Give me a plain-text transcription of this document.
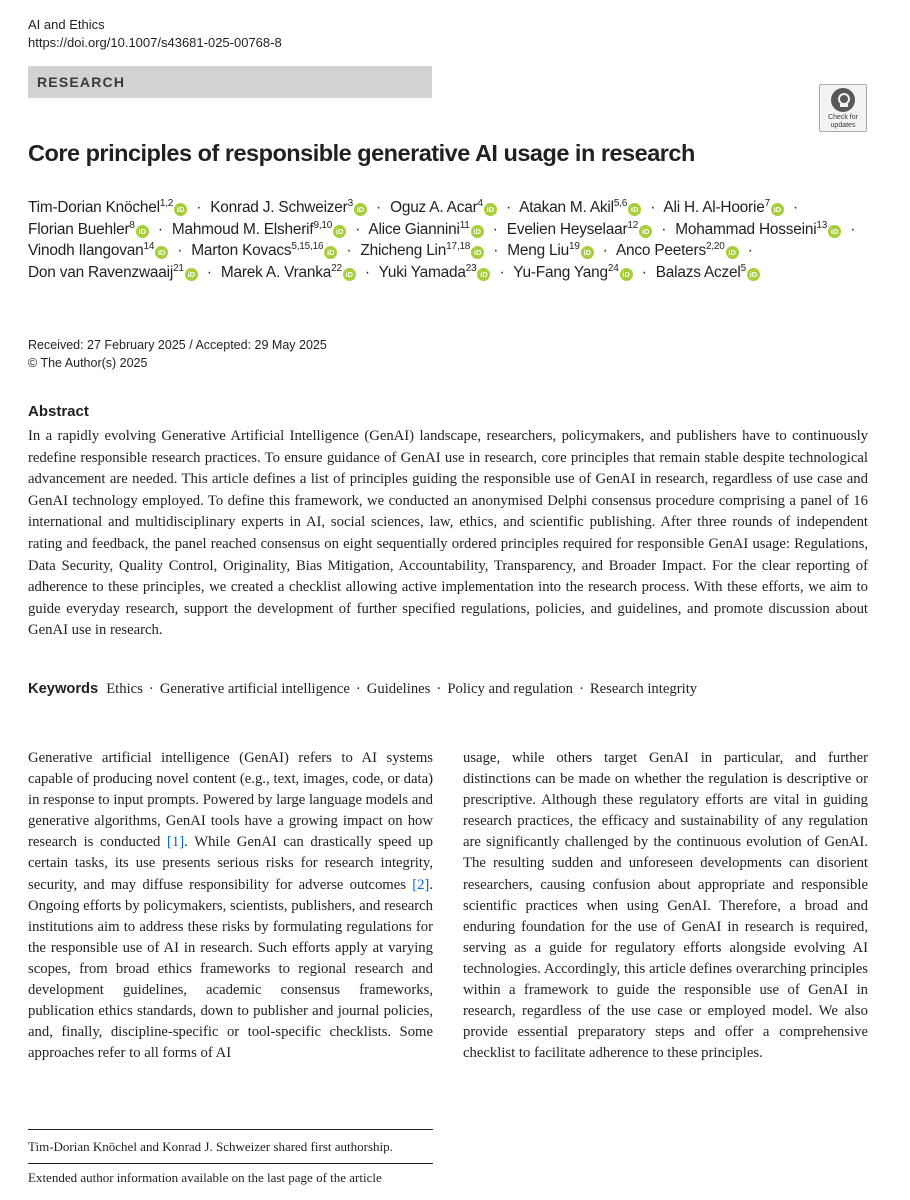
AI and Ethics
https://doi.org/10.1007/s43681-025-00768-8
RESEARCH
Check for
updates
Core principles of responsible generative AI usage in research
Tim-Dorian Knöchel$^{1,2}$iD · Konrad J. Schweizer$^3$iD · Oguz A. Acar$^4$iD · Atakan M. Akil$^{5,6}$iD · Ali H. Al-Hoorie$^7$iD · Florian Buehler$^8$iD · Mahmoud M. Elsherif$^{9,10}$iD · Alice Giannini$^{11}$iD · Evelien Heyselaar$^{12}$iD · Mohammad Hosseini$^{13}$iD · Vinodh Ilangovan$^{14}$iD · Marton Kovacs$^{5,15,16}$iD · Zhicheng Lin$^{17,18}$iD · Meng Liu$^{19}$iD · Anco Peeters$^{2,20}$iD · Don van Ravenzwaaij$^{21}$iD · Marek A. Vranka$^{22}$iD · Yuki Yamada$^{23}$iD · Yu-Fang Yang$^{24}$iD · Balazs Aczel$^5$iD
Received: 27 February 2025 / Accepted: 29 May 2025
© The Author(s) 2025
Abstract

In a rapidly evolving Generative Artificial Intelligence (GenAI) landscape, researchers, policymakers, and publishers have to continuously redefine responsible research practices. To ensure guidance of GenAI use in research, core principles that remain stable despite technological advancement are needed. This article defines a list of principles guiding the responsible use of GenAI in research, regardless of use case and GenAI technology employed. To define this framework, we conducted an anonymised Delphi consensus procedure comprising a panel of 16 international and multidisciplinary experts in AI, social sciences, law, ethics, and scientific publishing. After three rounds of independent rating and feedback, the panel reached consensus on eight sequentially ordered principles required for responsible GenAI usage: Regulations, Data Security, Quality Control, Originality, Bias Mitigation, Accountability, Transparency, and Broader Impact. For the clear reporting of adherence to these principles, we created a checklist allowing active implementation into the research process. With these efforts, we aim to guide everyday research, support the development of further specified regulations, policies, and guidelines, and promote discussion about GenAI use in research.

Keywords Ethics · Generative artificial intelligence · Guidelines · Policy and regulation · Research integrity

Generative artificial intelligence (GenAI) refers to AI systems capable of producing novel content (e.g., text, images, code, or data) in response to input prompts. Powered by large language models and generative algorithms, GenAI tools have a growing impact on how research is conducted [1]. While GenAI can drastically speed up certain tasks, its use presents serious risks for research integrity, security, and may diffuse responsibility for adverse outcomes [2]. Ongoing efforts by policymakers, scientists, publishers, and research institutions aim to address these risks by formulating regulations for the responsible use of AI in research. Such efforts apply at varying scopes, from broad ethics frameworks to regional research and development guidelines, academic consensus frameworks, publication ethics standards, down to publisher and journal policies, and, finally, discipline-specific or tool-specific checklists. Some approaches refer to all forms of AI

usage, while others target GenAI in particular, and further distinctions can be made on whether the regulation is descriptive or prescriptive. Although these regulatory efforts are vital in guiding research practices, the efficacy and sustainability of any regulation are significantly challenged by the continuous evolution of GenAI. The resulting sudden and unforeseen developments can disorient researchers, causing confusion about appropriate and responsible scientific practices when using GenAI. Therefore, a broad and enduring foundation for the use of GenAI in research is required, serving as a guide for regulatory efforts alongside evolving AI technologies. Accordingly, this article defines overarching principles within a framework to guide the responsible use of GenAI in research, regardless of the use case or employed model. We also provide essential preparatory steps and offer a comprehensive checklist to facilitate adherence to these principles.

Tim-Dorian Knöchel and Konrad J. Schweizer shared first authorship.
Extended author information available on the last page of the article
